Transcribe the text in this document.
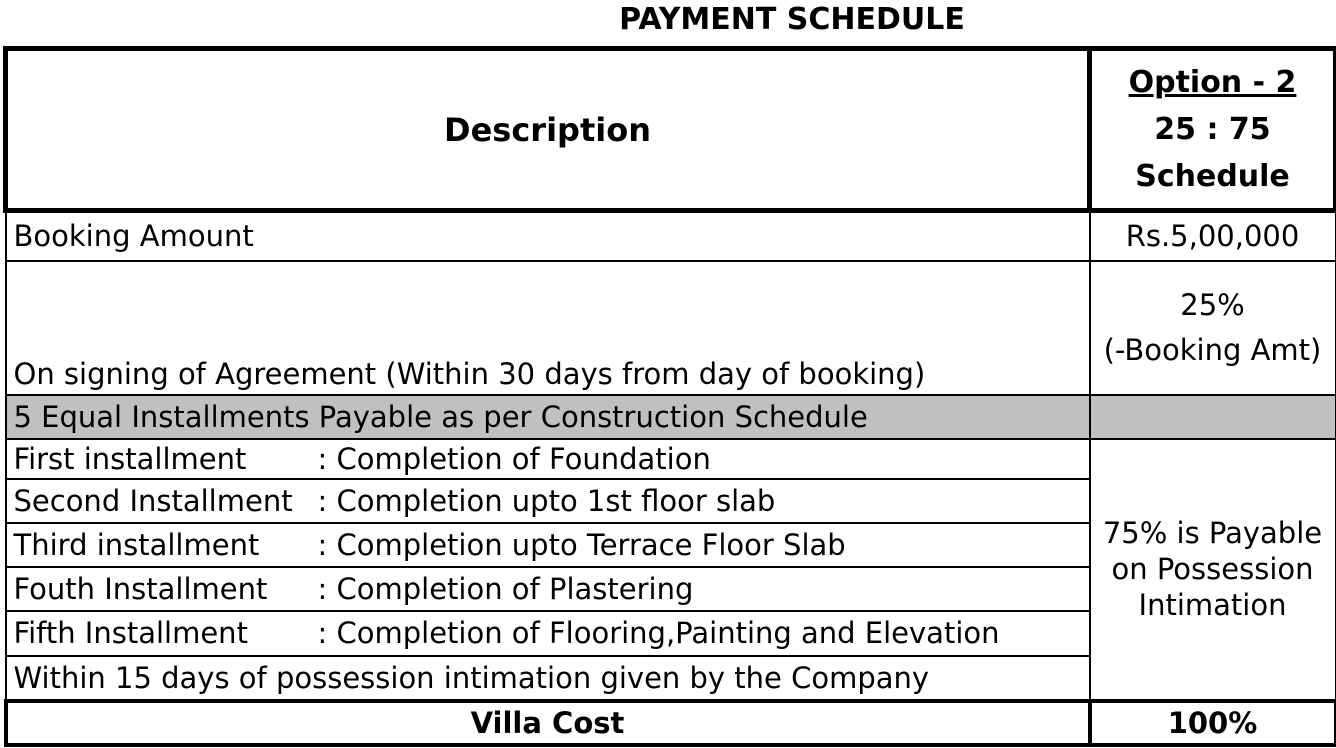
PAYMENT SCHEDULE
Description	Option - 2
25 : 75
Schedule

Booking Amount	Rs.5,00,000
On signing of Agreement (Within 30 days from day of booking)	25%
(-Booking Amt)

5 Equal Installments Payable as per Construction Schedule	
First installment : Completion of Foundation	75% is Payable
on Possession
Intimation

Second Installment : Completion upto 1st floor slab	
Third installment : Completion upto Terrace Floor Slab	
Fouth Installment : Completion of Plastering	
Fifth Installment : Completion of Flooring,Painting and Elevation	
Within 15 days of possession intimation given by the Company	
Villa Cost	100%
